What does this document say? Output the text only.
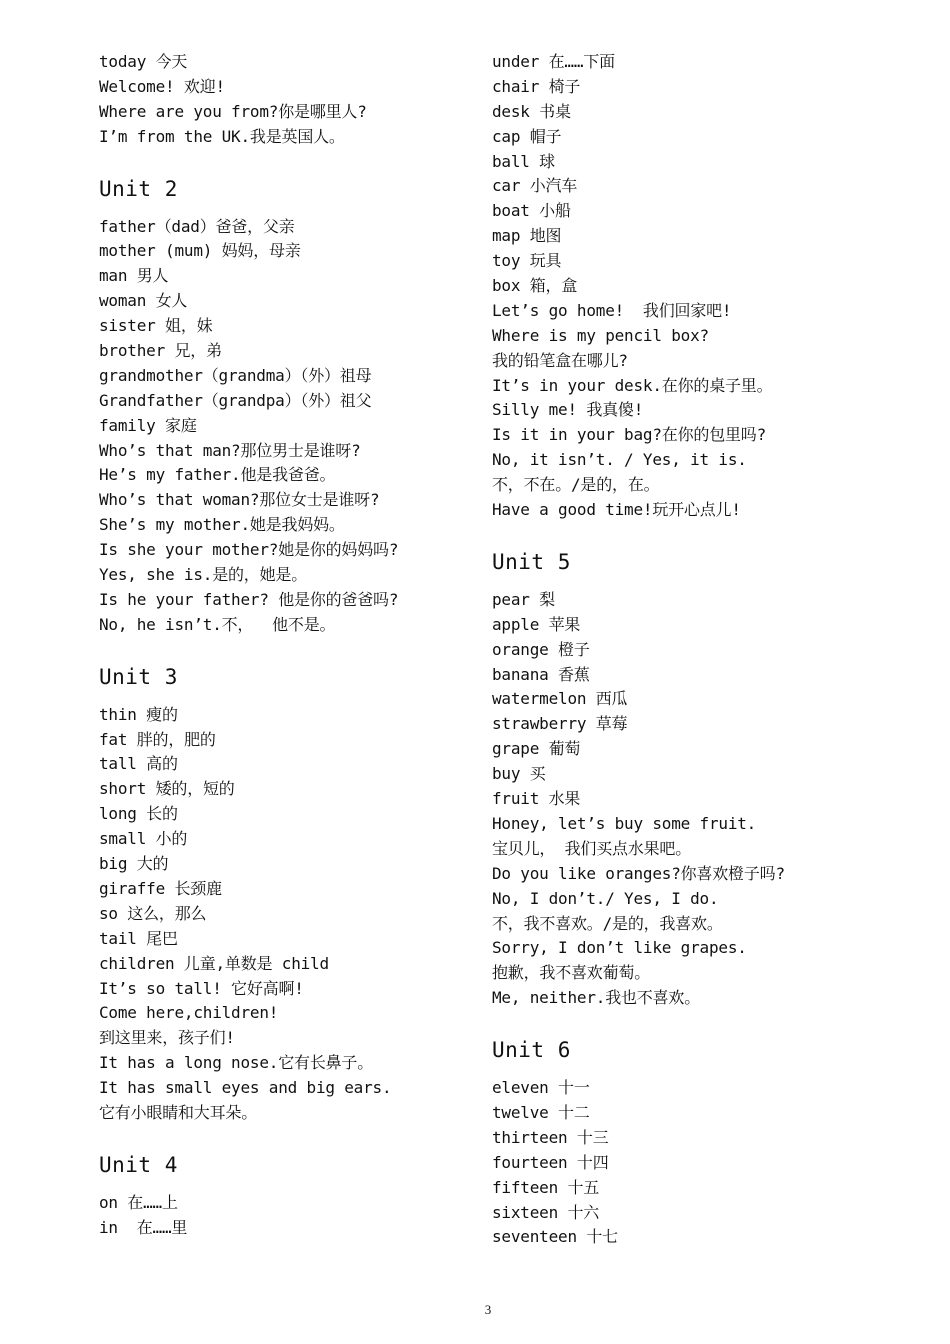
today 今天
Welcome! 欢迎!
Where are you from?你是哪里人?
I’m from the UK.我是英国人。
Unit 2
father（dad）爸爸，父亲
mother (mum) 妈妈，母亲
man 男人
woman 女人
sister 姐，妹
brother 兄，弟
grandmother（grandma）（外）祖母
Grandfather（grandpa）（外）祖父
family 家庭
Who’s that man?那位男士是谁呀?
He’s my father.他是我爸爸。
Who’s that woman?那位女士是谁呀?
She’s my mother.她是我妈妈。
Is she your mother?她是你的妈妈吗?
Yes, she is.是的，她是。
Is he your father? 他是你的爸爸吗?
No, he isn’t.不，  他不是。
Unit 3
thin 瘦的
fat 胖的，肥的
tall 高的
short 矮的，短的
long 长的
small 小的
big 大的
giraffe 长颈鹿
so 这么，那么
tail 尾巴
children 儿童,单数是 child
It’s so tall! 它好高啊!
Come here,children!
到这里来，孩子们!
It has a long nose.它有长鼻子。
It has small eyes and big ears.
它有小眼睛和大耳朵。
Unit 4
on 在……上
in  在……里
under 在……下面
chair 椅子
desk 书桌
cap 帽子
ball 球
car 小汽车
boat 小船
map 地图
toy 玩具
box 箱，盒
Let’s go home!  我们回家吧!
Where is my pencil box?
我的铅笔盒在哪儿?
It’s in your desk.在你的桌子里。
Silly me! 我真傻!
Is it in your bag?在你的包里吗?
No, it isn’t. / Yes, it is.
不，不在。/是的，在。
Have a good time!玩开心点儿!
Unit 5
pear 梨
apple 苹果
orange 橙子
banana 香蕉
watermelon 西瓜
strawberry 草莓
grape 葡萄
buy 买
fruit 水果
Honey, let’s buy some fruit.
宝贝儿， 我们买点水果吧。
Do you like oranges?你喜欢橙子吗?
No, I don’t./ Yes, I do.
不，我不喜欢。/是的，我喜欢。
Sorry, I don’t like grapes.
抱歉，我不喜欢葡萄。
Me, neither.我也不喜欢。
Unit 6
eleven 十一
twelve 十二
thirteen 十三
fourteen 十四
fifteen 十五
sixteen 十六
seventeen 十七
3
